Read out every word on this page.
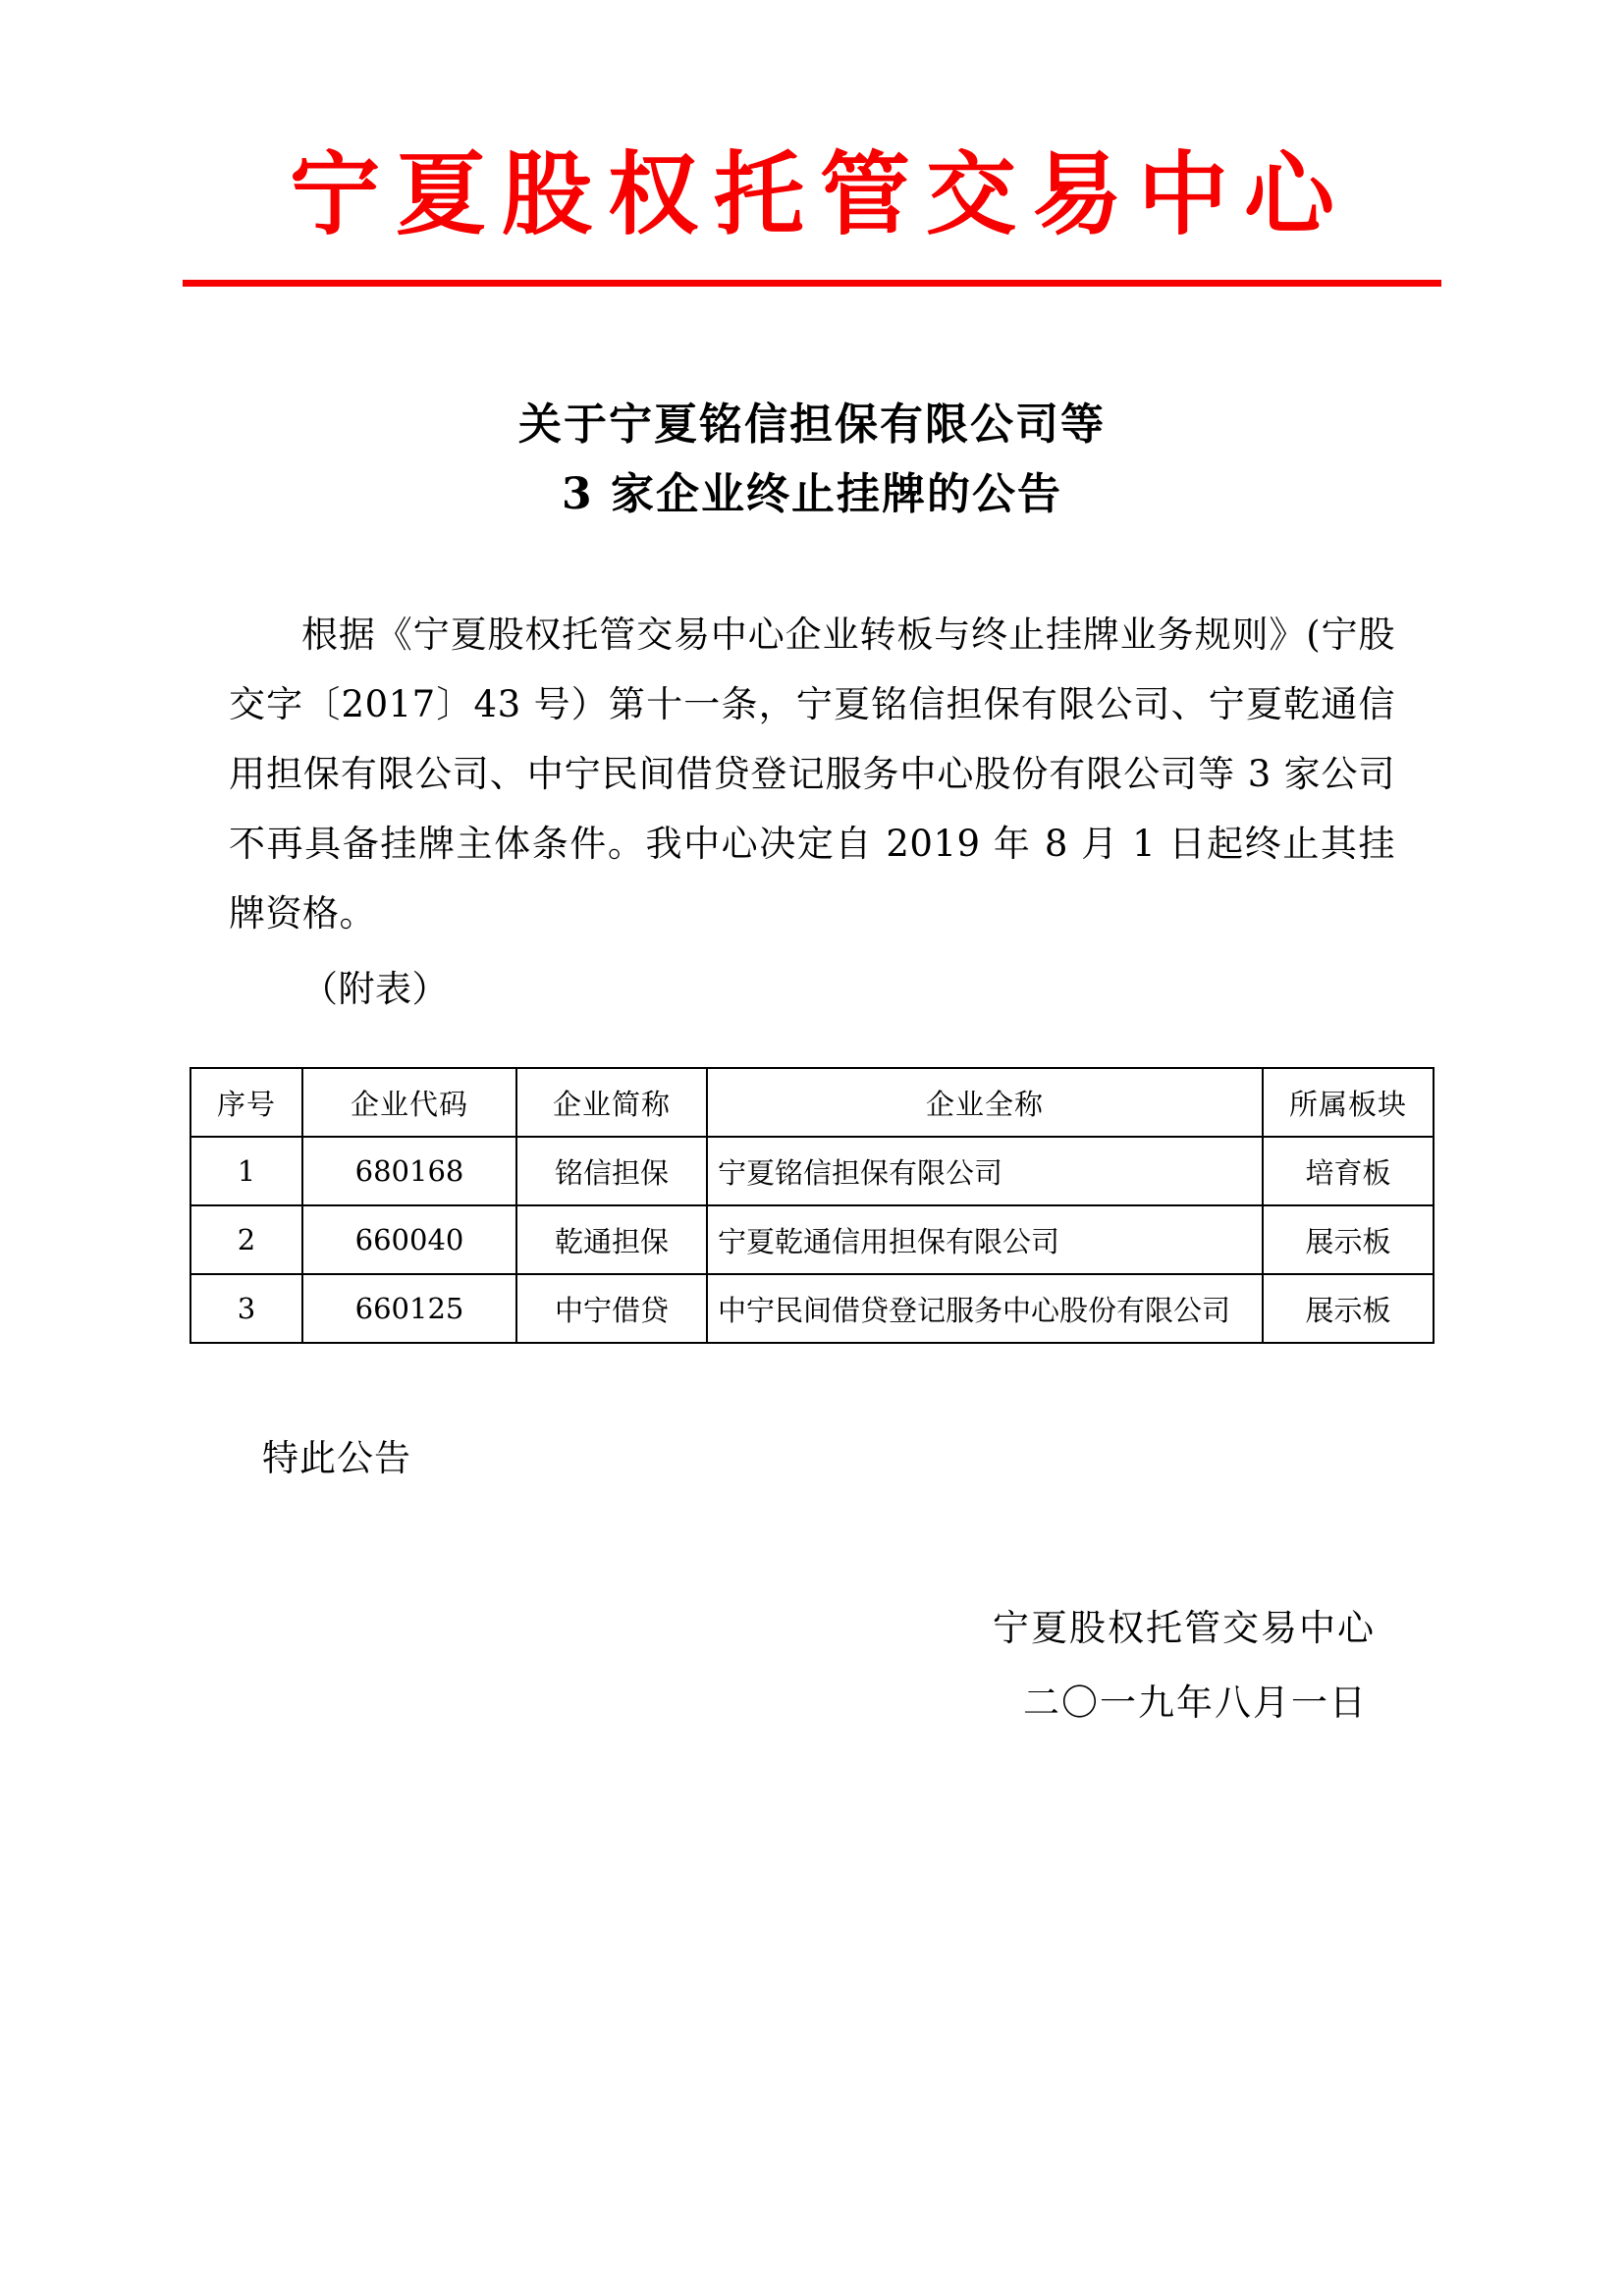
宁夏股权托管交易中心
关于宁夏铭信担保有限公司等
3 家企业终止挂牌的公告

根据《宁夏股权托管交易中心企业转板与终止挂牌业务规则》(宁股交字〔2017〕43 号）第十一条，宁夏铭信担保有限公司、宁夏乾通信用担保有限公司、中宁民间借贷登记服务中心股份有限公司等 3 家公司不再具备挂牌主体条件。我中心决定自 2019 年 8 月 1 日起终止其挂牌资格。

（附表）

序号	企业代码	企业简称	企业全称	所属板块
1	680168	铭信担保	宁夏铭信担保有限公司	培育板
2	660040	乾通担保	宁夏乾通信用担保有限公司	展示板
3	660125	中宁借贷	中宁民间借贷登记服务中心股份有限公司	展示板
特此公告
宁夏股权托管交易中心
二〇一九年八月一日
